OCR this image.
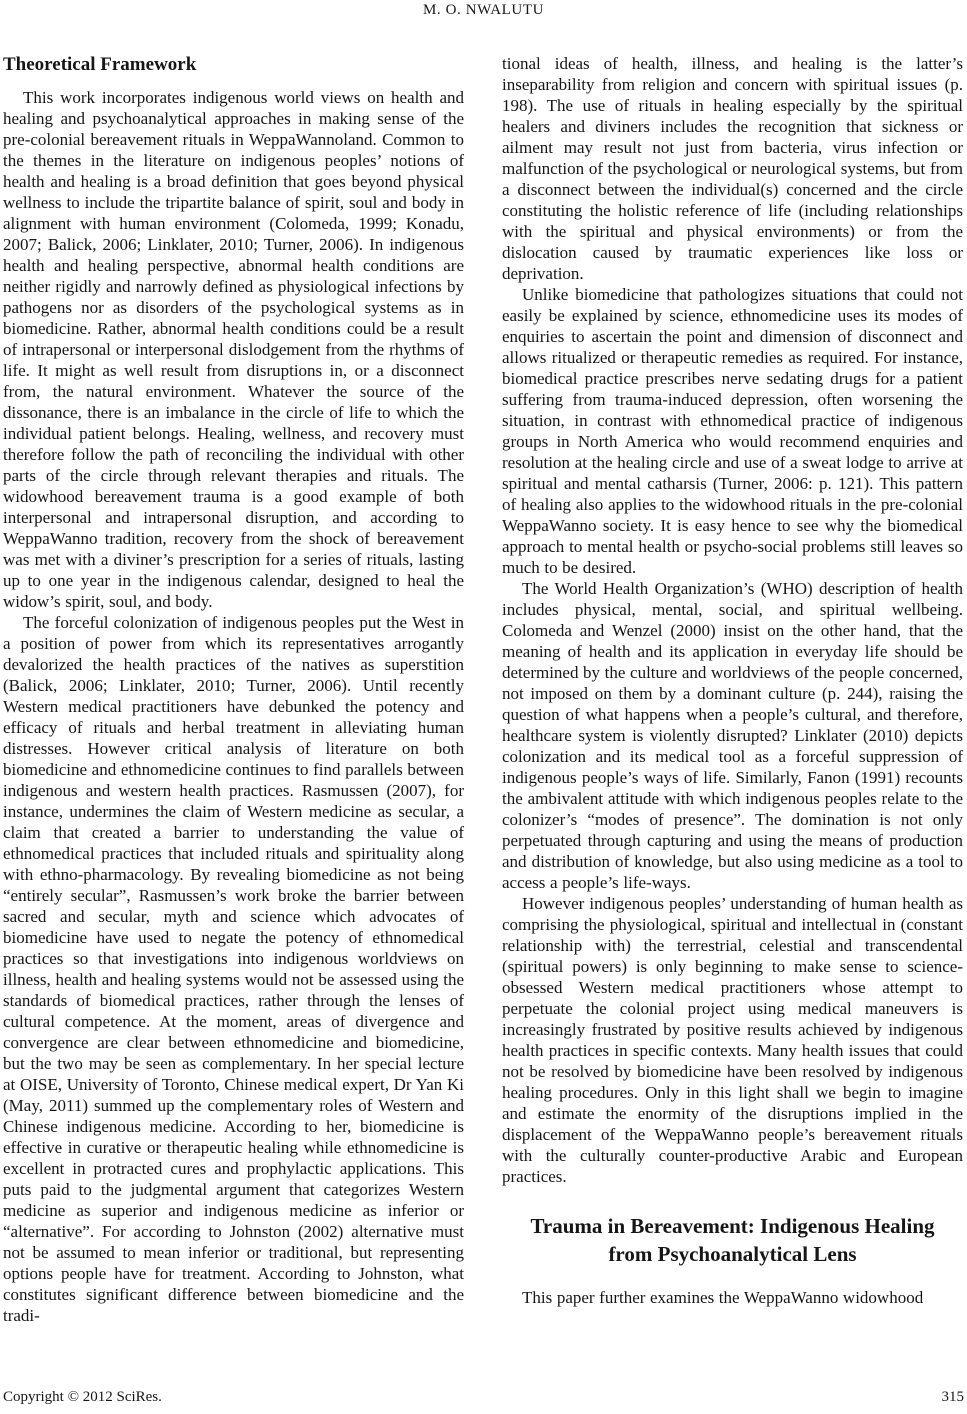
M. O. NWALUTU
Theoretical Framework

This work incorporates indigenous world views on health and healing and psychoanalytical approaches in making sense of the pre-colonial bereavement rituals in WeppaWannoland. Common to the themes in the literature on indigenous peoples’ notions of health and healing is a broad definition that goes beyond physical wellness to include the tripartite balance of spirit, soul and body in alignment with human environment (Colomeda, 1999; Konadu, 2007; Balick, 2006; Linklater, 2010; Turner, 2006). In indigenous health and healing perspective, abnormal health conditions are neither rigidly and narrowly defined as physiological infections by pathogens nor as disorders of the psychological systems as in biomedicine. Rather, abnormal health conditions could be a result of intrapersonal or interpersonal dislodgement from the rhythms of life. It might as well result from disruptions in, or a disconnect from, the natural environment. Whatever the source of the dissonance, there is an imbalance in the circle of life to which the individual patient belongs. Healing, wellness, and recovery must therefore follow the path of reconciling the individual with other parts of the circle through relevant therapies and rituals. The widowhood bereavement trauma is a good example of both interpersonal and intrapersonal disruption, and according to WeppaWanno tradition, recovery from the shock of bereavement was met with a diviner’s prescription for a series of rituals, lasting up to one year in the indigenous calendar, designed to heal the widow’s spirit, soul, and body.

The forceful colonization of indigenous peoples put the West in a position of power from which its representatives arrogantly devalorized the health practices of the natives as superstition (Balick, 2006; Linklater, 2010; Turner, 2006). Until recently Western medical practitioners have debunked the potency and efficacy of rituals and herbal treatment in alleviating human distresses. However critical analysis of literature on both biomedicine and ethnomedicine continues to find parallels between indigenous and western health practices. Rasmussen (2007), for instance, undermines the claim of Western medicine as secular, a claim that created a barrier to understanding the value of ethnomedical practices that included rituals and spirituality along with ethno-pharmacology. By revealing biomedicine as not being “entirely secular”, Rasmussen’s work broke the barrier between sacred and secular, myth and science which advocates of biomedicine have used to negate the potency of ethnomedical practices so that investigations into indigenous worldviews on illness, health and healing systems would not be assessed using the standards of biomedical practices, rather through the lenses of cultural competence. At the moment, areas of divergence and convergence are clear between ethnomedicine and biomedicine, but the two may be seen as complementary. In her special lecture at OISE, University of Toronto, Chinese medical expert, Dr Yan Ki (May, 2011) summed up the complementary roles of Western and Chinese indigenous medicine. According to her, biomedicine is effective in curative or therapeutic healing while ethnomedicine is excellent in protracted cures and prophylactic applications. This puts paid to the judgmental argument that categorizes Western medicine as superior and indigenous medicine as inferior or “alternative”. For according to Johnston (2002) alternative must not be assumed to mean inferior or traditional, but representing options people have for treatment. According to Johnston, what constitutes significant difference between biomedicine and the tradi-

tional ideas of health, illness, and healing is the latter’s inseparability from religion and concern with spiritual issues (p. 198). The use of rituals in healing especially by the spiritual healers and diviners includes the recognition that sickness or ailment may result not just from bacteria, virus infection or malfunction of the psychological or neurological systems, but from a disconnect between the individual(s) concerned and the circle constituting the holistic reference of life (including relationships with the spiritual and physical environments) or from the dislocation caused by traumatic experiences like loss or deprivation.

Unlike biomedicine that pathologizes situations that could not easily be explained by science, ethnomedicine uses its modes of enquiries to ascertain the point and dimension of disconnect and allows ritualized or therapeutic remedies as required. For instance, biomedical practice prescribes nerve sedating drugs for a patient suffering from trauma-induced depression, often worsening the situation, in contrast with ethnomedical practice of indigenous groups in North America who would recommend enquiries and resolution at the healing circle and use of a sweat lodge to arrive at spiritual and mental catharsis (Turner, 2006: p. 121). This pattern of healing also applies to the widowhood rituals in the pre-colonial WeppaWanno society. It is easy hence to see why the biomedical approach to mental health or psycho-social problems still leaves so much to be desired.

The World Health Organization’s (WHO) description of health includes physical, mental, social, and spiritual wellbeing. Colomeda and Wenzel (2000) insist on the other hand, that the meaning of health and its application in everyday life should be determined by the culture and worldviews of the people concerned, not imposed on them by a dominant culture (p. 244), raising the question of what happens when a people’s cultural, and therefore, healthcare system is violently disrupted? Linklater (2010) depicts colonization and its medical tool as a forceful suppression of indigenous people’s ways of life. Similarly, Fanon (1991) recounts the ambivalent attitude with which indigenous peoples relate to the colonizer’s “modes of presence”. The domination is not only perpetuated through capturing and using the means of production and distribution of knowledge, but also using medicine as a tool to access a people’s life-ways.

However indigenous peoples’ understanding of human health as comprising the physiological, spiritual and intellectual in (constant relationship with) the terrestrial, celestial and transcendental (spiritual powers) is only beginning to make sense to science-obsessed Western medical practitioners whose attempt to perpetuate the colonial project using medical maneuvers is increasingly frustrated by positive results achieved by indigenous health practices in specific contexts. Many health issues that could not be resolved by biomedicine have been resolved by indigenous healing procedures. Only in this light shall we begin to imagine and estimate the enormity of the disruptions implied in the displacement of the WeppaWanno people’s bereavement rituals with the culturally counter-productive Arabic and European practices.

Trauma in Bereavement: Indigenous Healing from Psychoanalytical Lens

This paper further examines the WeppaWanno widowhood

Copyright © 2012 SciRes.	315
